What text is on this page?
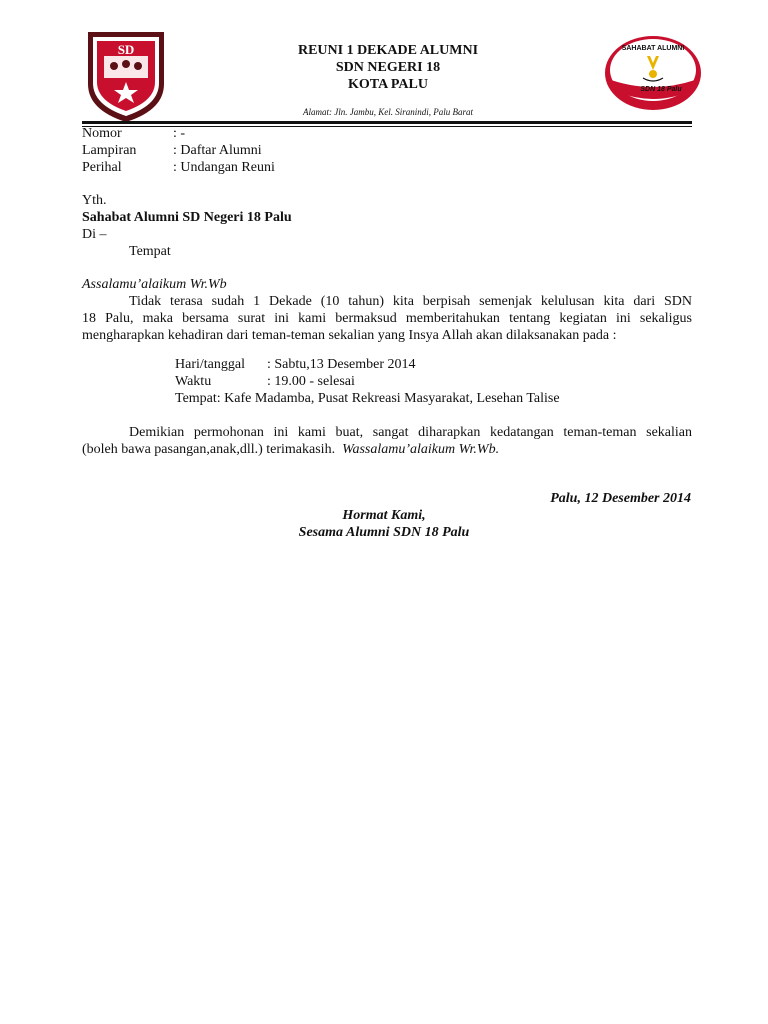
SD	REUNI 1 DEKADE ALUMNI
SDN NEGERI 18
KOTA PALU
Alamat: Jln. Jambu, Kel. Siranindi, Palu Barat
SAHABAT ALUMNI
SDN 18 Palu
Nomor	: -
Lampiran	: Daftar Alumni
Perihal	: Undangan Reuni
Yth.
Sahabat Alumni SD Negeri 18 Palu
Di –
Tempat
Assalamu’alaikum Wr.Wb
Tidak terasa sudah 1 Dekade (10 tahun) kita berpisah semenjak kelulusan kita dari SDN
18 Palu, maka bersama surat ini kami bermaksud memberitahukan tentang kegiatan ini sekaligus
mengharapkan kehadiran dari teman-teman sekalian yang Insya Allah akan dilaksanakan pada :
Hari/tanggal : Sabtu,13 Desember 2014
Waktu	: 19.00 - selesai
Tempat: Kafe Madamba, Pusat Rekreasi Masyarakat, Lesehan Talise
Demikian permohonan ini kami buat, sangat diharapkan kedatangan teman-teman sekalian
(boleh bawa pasangan,anak,dll.) terimakasih. Wassalamu’alaikum Wr.Wb.
Palu, 12 Desember 2014
Hormat Kami,
Sesama Alumni SDN 18 Palu
